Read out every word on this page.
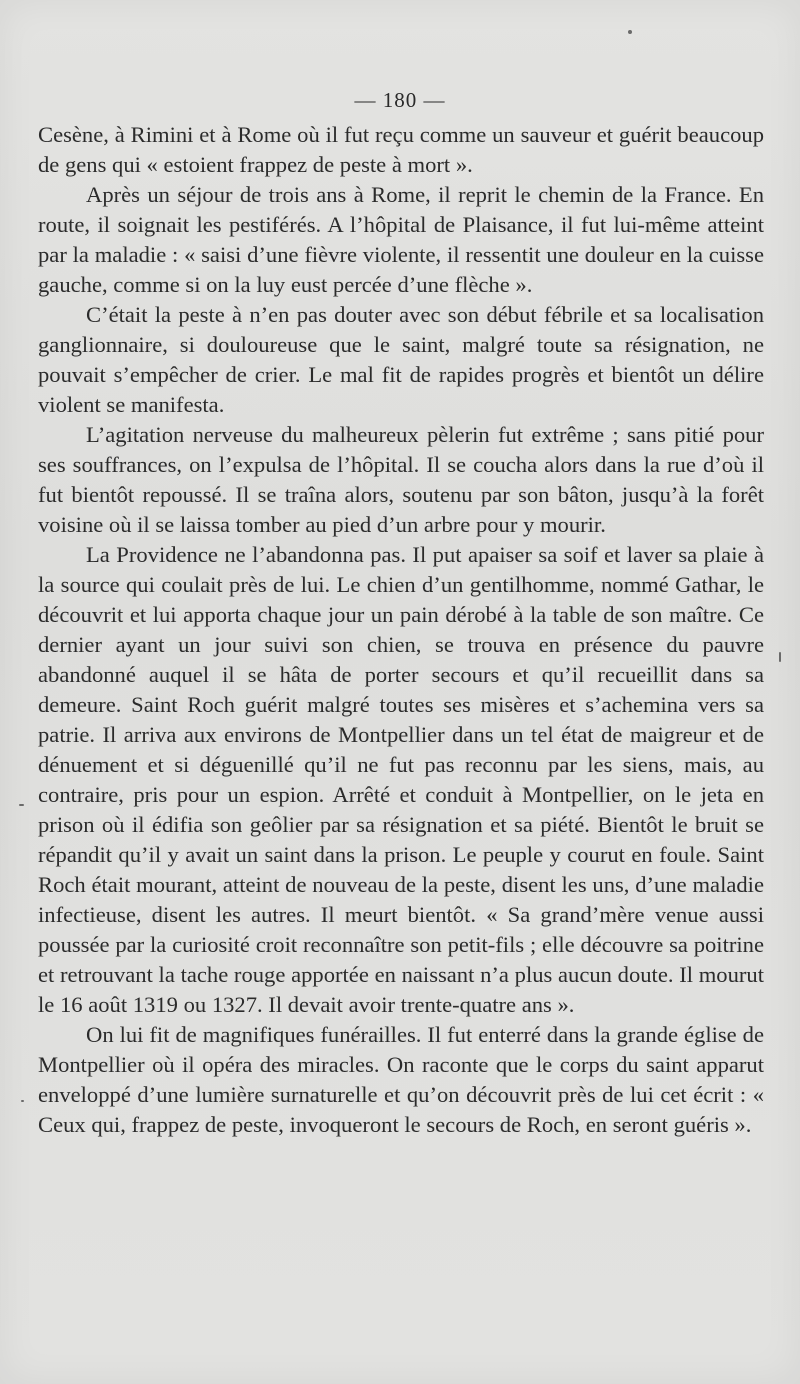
— 180 —

Cesène, à Rimini et à Rome où il fut reçu comme un sauveur et guérit beaucoup de gens qui « estoient frappez de peste à mort ».

Après un séjour de trois ans à Rome, il reprit le chemin de la France. En route, il soignait les pestiférés. A l’hôpital de Plaisance, il fut lui-même atteint par la maladie : « saisi d’une fièvre violente, il ressentit une douleur en la cuisse gauche, comme si on la luy eust percée d’une flèche ».

C’était la peste à n’en pas douter avec son début fébrile et sa localisation ganglionnaire, si douloureuse que le saint, malgré toute sa résignation, ne pouvait s’empêcher de crier. Le mal fit de rapides progrès et bientôt un délire violent se manifesta.

L’agitation nerveuse du malheureux pèlerin fut extrême ; sans pitié pour ses souffrances, on l’expulsa de l’hôpital. Il se coucha alors dans la rue d’où il fut bientôt repoussé. Il se traîna alors, soutenu par son bâton, jusqu’à la forêt voisine où il se laissa tomber au pied d’un arbre pour y mourir.

La Providence ne l’abandonna pas. Il put apaiser sa soif et laver sa plaie à la source qui coulait près de lui. Le chien d’un gentilhomme, nommé Gathar, le découvrit et lui apporta chaque jour un pain dérobé à la table de son maître. Ce dernier ayant un jour suivi son chien, se trouva en présence du pauvre abandonné auquel il se hâta de porter secours et qu’il recueillit dans sa demeure. Saint Roch guérit malgré toutes ses misères et s’achemina vers sa patrie. Il arriva aux environs de Montpellier dans un tel état de maigreur et de dénuement et si déguenillé qu’il ne fut pas reconnu par les siens, mais, au contraire, pris pour un espion. Arrêté et conduit à Montpellier, on le jeta en prison où il édifia son geôlier par sa résignation et sa piété. Bientôt le bruit se répandit qu’il y avait un saint dans la prison. Le peuple y courut en foule. Saint Roch était mourant, atteint de nouveau de la peste, disent les uns, d’une maladie infectieuse, disent les autres. Il meurt bientôt. « Sa grand’mère venue aussi poussée par la curiosité croit reconnaître son petit-fils ; elle découvre sa poitrine et retrouvant la tache rouge apportée en naissant n’a plus aucun doute. Il mourut le 16 août 1319 ou 1327. Il devait avoir trente-quatre ans ».

On lui fit de magnifiques funérailles. Il fut enterré dans la grande église de Montpellier où il opéra des miracles. On raconte que le corps du saint apparut enveloppé d’une lumière surnaturelle et qu’on découvrit près de lui cet écrit : « Ceux qui, frappez de peste, invoqueront le secours de Roch, en seront guéris ».
